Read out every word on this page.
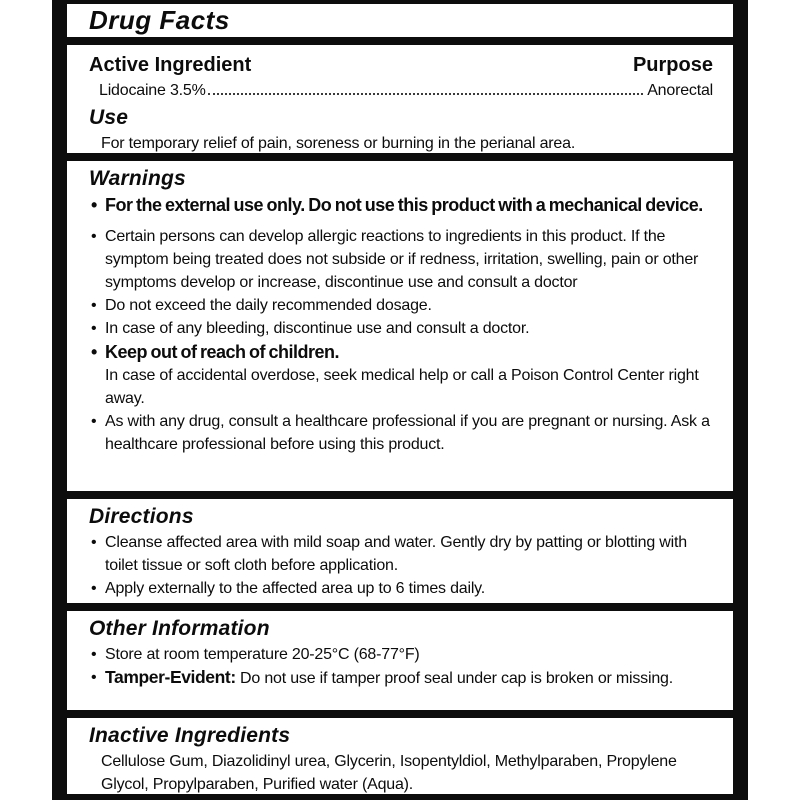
Drug Facts
Active Ingredient	Purpose
Lidocaine 3.5%	Anorectal
Use
For temporary relief of pain, soreness or burning in the perianal area.
Warnings
• For the external use only. Do not use this product with a mechanical device.
• Certain persons can develop allergic reactions to ingredients in this product. If the symptom being treated does not subside or if redness, irritation, swelling, pain or other symptoms develop or increase, discontinue use and consult a doctor
• Do not exceed the daily recommended dosage.
• In case of any bleeding, discontinue use and consult a doctor.
• Keep out of reach of children.
In case of accidental overdose, seek medical help or call a Poison Control Center right away.
• As with any drug, consult a healthcare professional if you are pregnant or nursing. Ask a healthcare professional before using this product.
Directions
• Cleanse affected area with mild soap and water. Gently dry by patting or blotting with toilet tissue or soft cloth before application.
• Apply externally to the affected area up to 6 times daily.
Other Information
• Store at room temperature 20-25°C (68-77°F)
• Tamper-Evident: Do not use if tamper proof seal under cap is broken or missing.
Inactive Ingredients
Cellulose Gum, Diazolidinyl urea, Glycerin, Isopentyldiol, Methylparaben, Propylene Glycol, Propylparaben, Purified water (Aqua).
